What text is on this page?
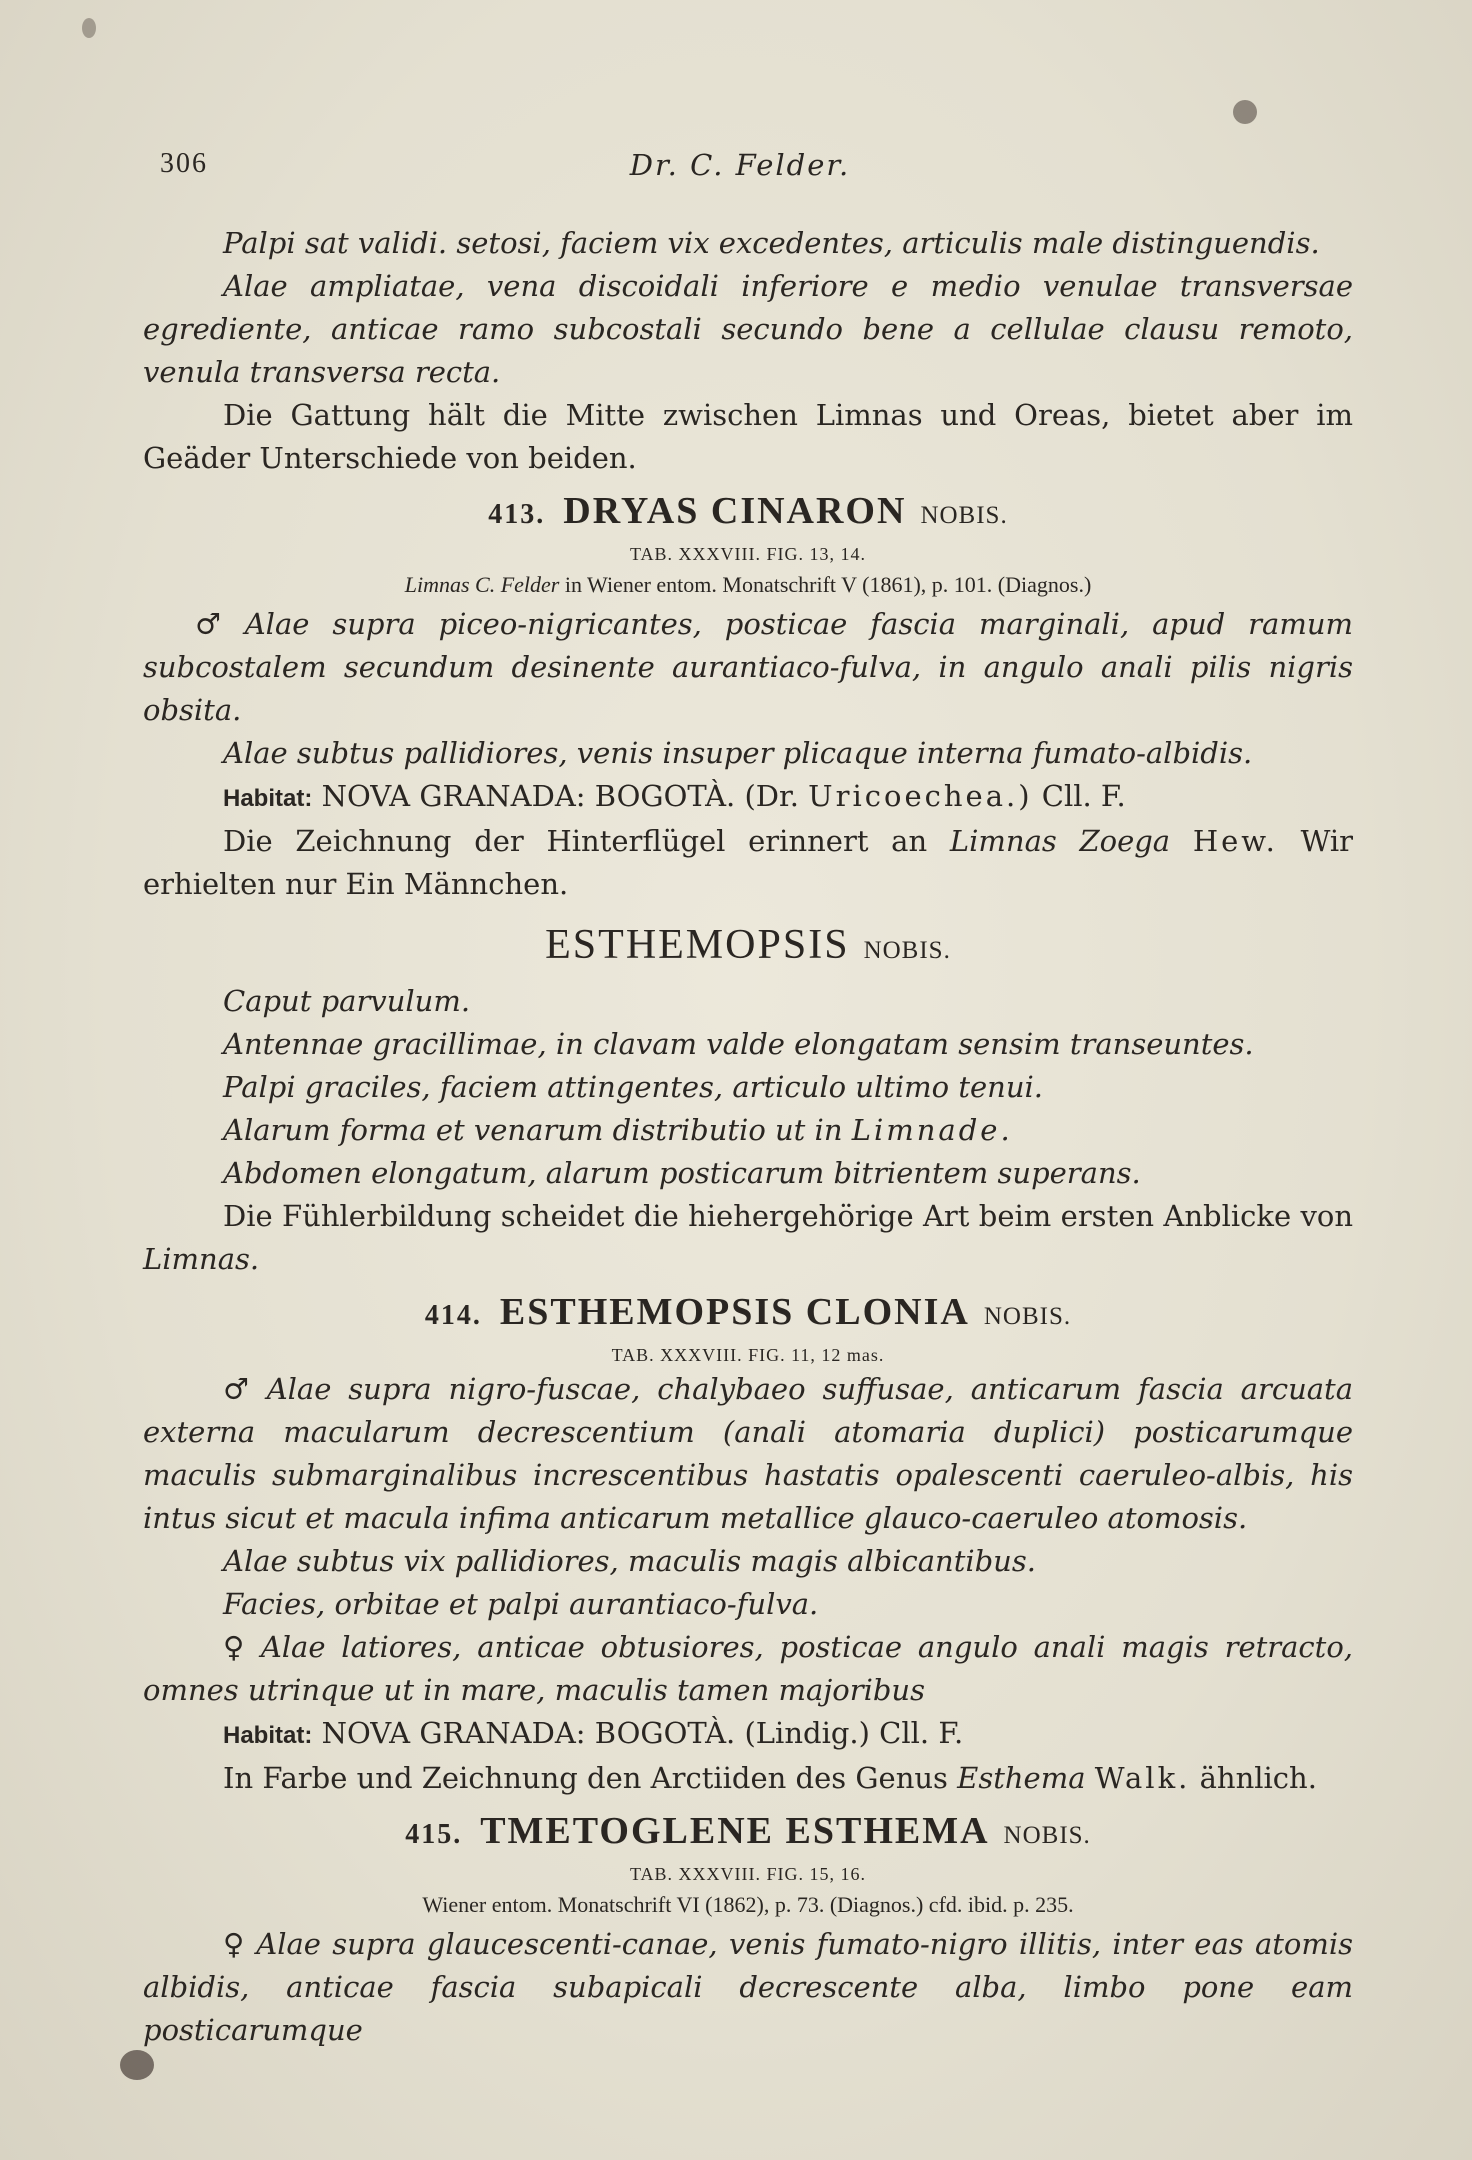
306	Dr. C. Felder.

Palpi sat validi. setosi, faciem vix excedentes, articulis male distinguendis.

Alae ampliatae, vena discoidali inferiore e medio venulae transversae egrediente, anticae ramo subcostali secundo bene a cellulae clausu remoto, venula transversa recta.

Die Gattung hält die Mitte zwischen Limnas und Oreas, bietet aber im Geäder Unterschiede von beiden.

413. DRYAS CINARON NOBIS.
TAB. XXXVIII. FIG. 13, 14.
Limnas C. Felder in Wiener entom. Monatschrift V (1861), p. 101. (Diagnos.)

♂ Alae supra piceo-nigricantes, posticae fascia marginali, apud ramum subcostalem secundum desinente aurantiaco-fulva, in angulo anali pilis nigris obsita.

Alae subtus pallidiores, venis insuper plicaque interna fumato-albidis.

Habitat: NOVA GRANADA: BOGOTÀ. (Dr. Uricoechea.) Cll. F.

Die Zeichnung der Hinterflügel erinnert an Limnas Zoega Hew. Wir erhielten nur Ein Männchen.

ESTHEMOPSIS NOBIS.

Caput parvulum.

Antennae gracillimae, in clavam valde elongatam sensim transeuntes.

Palpi graciles, faciem attingentes, articulo ultimo tenui.

Alarum forma et venarum distributio ut in Limnade.

Abdomen elongatum, alarum posticarum bitrientem superans.

Die Fühlerbildung scheidet die hiehergehörige Art beim ersten Anblicke von Limnas.

414. ESTHEMOPSIS CLONIA NOBIS.
TAB. XXXVIII. FIG. 11, 12 mas.

♂ Alae supra nigro-fuscae, chalybaeo suffusae, anticarum fascia arcuata externa macularum decrescentium (anali atomaria duplici) posticarumque maculis submarginalibus increscentibus hastatis opalescenti caeruleo-albis, his intus sicut et macula infima anticarum metallice glauco-caeruleo atomosis.

Alae subtus vix pallidiores, maculis magis albicantibus.

Facies, orbitae et palpi aurantiaco-fulva.

♀ Alae latiores, anticae obtusiores, posticae angulo anali magis retracto, omnes utrinque ut in mare, maculis tamen majoribus

Habitat: NOVA GRANADA: BOGOTÀ. (Lindig.) Cll. F.

In Farbe und Zeichnung den Arctiiden des Genus Esthema Walk. ähnlich.

415. TMETOGLENE ESTHEMA NOBIS.
TAB. XXXVIII. FIG. 15, 16.
Wiener entom. Monatschrift VI (1862), p. 73. (Diagnos.) cfd. ibid. p. 235.

♀ Alae supra glaucescenti-canae, venis fumato-nigro illitis, inter eas atomis albidis, anticae fascia subapicali decrescente alba, limbo pone eam posticarumque
